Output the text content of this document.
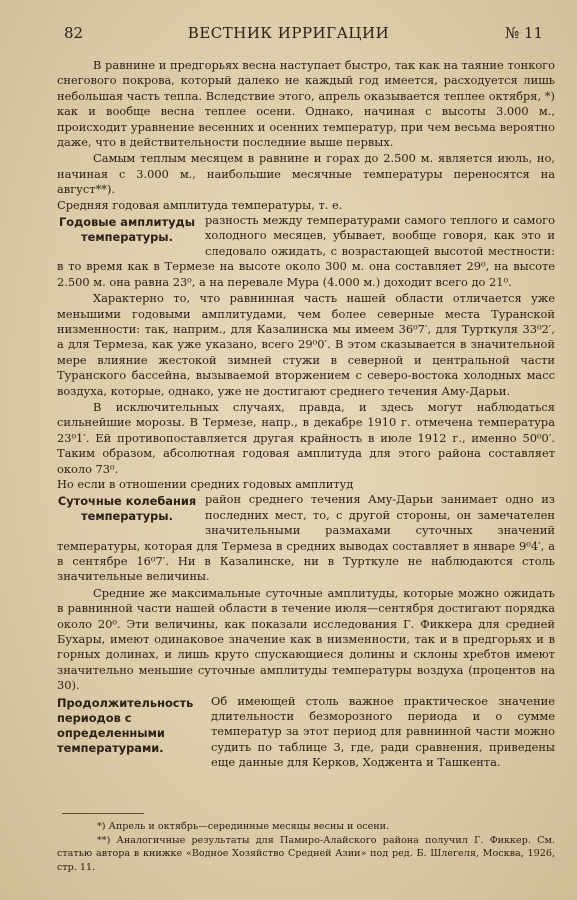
82	ВЕСТНИК ИРРИГАЦИИ	№ 11

В равнине и предгорьях весна наступает быстро, так как на таяние тонкого снегового покрова, который далеко не каждый год имеется, расходуется лишь небольшая часть тепла. Вследствие этого, апрель оказывается теплее октября, *) как и вообще весна теплее осени. Однако, начиная с высоты 3.000 м., происходит уравнение весенних и осенних температур, при чем весьма вероятно даже, что в действительности последние выше первых.

Самым теплым месяцем в равнине и горах до 2.500 м. является июль, но, начиная с 3.000 м., наибольшие месячные температуры переносятся на август**).

Средняя годовая амплитуда температуры, т. е.

Годовые амплитуды температуры.

разность между температурами самого теплого и самого холодного месяцев, убывает, вообще говоря, как это и следовало ожидать, с возрастающей высотой местности: в то время как в Термезе на высоте около 300 м. она составляет 29⁰, на высоте 2.500 м. она равна 23⁰, а на перевале Мура (4.000 м.) доходит всего до 21⁰.

Характерно то, что равнинная часть нашей области отличается уже меньшими годовыми амплитудами, чем более северные места Туранской низменности: так, наприм., для Казалинска мы имеем 36⁰7′, для Турткуля 33⁰2′, а для Термеза, как уже указано, всего 29⁰0′. В этом сказывается в значительной мере влияние жестокой зимней стужи в северной и центральной части Туранского бассейна, вызываемой вторжением с северо-востока холодных масс воздуха, которые, однако, уже не достигают среднего течения Аму-Дарьи.

В исключительных случаях, правда, и здесь могут наблюдаться сильнейшие морозы. В Термезе, напр., в декабре 1910 г. отмечена температура 23⁰1′. Ей противопоставляется другая крайность в июле 1912 г., именно 50⁰0′. Таким образом, абсолютная годовая амплитуда для этого района составляет около 73⁰.

Но если в отношении средних годовых амплитуд

Суточные колебания температуры.

район среднего течения Аму-Дарьи занимает одно из последних мест, то, с другой стороны, он замечателен значительными размахами суточных значений температуры, которая для Термеза в средних выводах составляет в январе 9⁰4′, а в сентябре 16⁰7′. Ни в Казалинске, ни в Турткуле не наблюдаются столь значительные величины.

Средние же максимальные суточные амплитуды, которые можно ожидать в равнинной части нашей области в течение июля—сентября достигают порядка около 20⁰. Эти величины, как показали исследования Г. Фиккера для средней Бухары, имеют одинаковое значение как в низменности, так и в предгорьях и в горных долинах, и лишь круто спускающиеся долины и склоны хребтов имеют значительно меньшие суточные амплитуды температуры воздуха (процентов на 30).

Продолжительность периодов с определенными температурами.

Об имеющей столь важное практическое значение длительности безморозного периода и о сумме температур за этот период для равнинной части можно судить по таблице 3, где, ради сравнения, приведены еще данные для Керков, Ходжента и Ташкента.

*) Апрель и октябрь—серединные месяцы весны и осени.

**) Аналогичные результаты для Памиро-Алайского района получил Г. Фиккер. См. статью автора в книжке «Водное Хозяйство Средней Азии» под ред. Б. Шлегеля, Москва, 1926, стр. 11.
